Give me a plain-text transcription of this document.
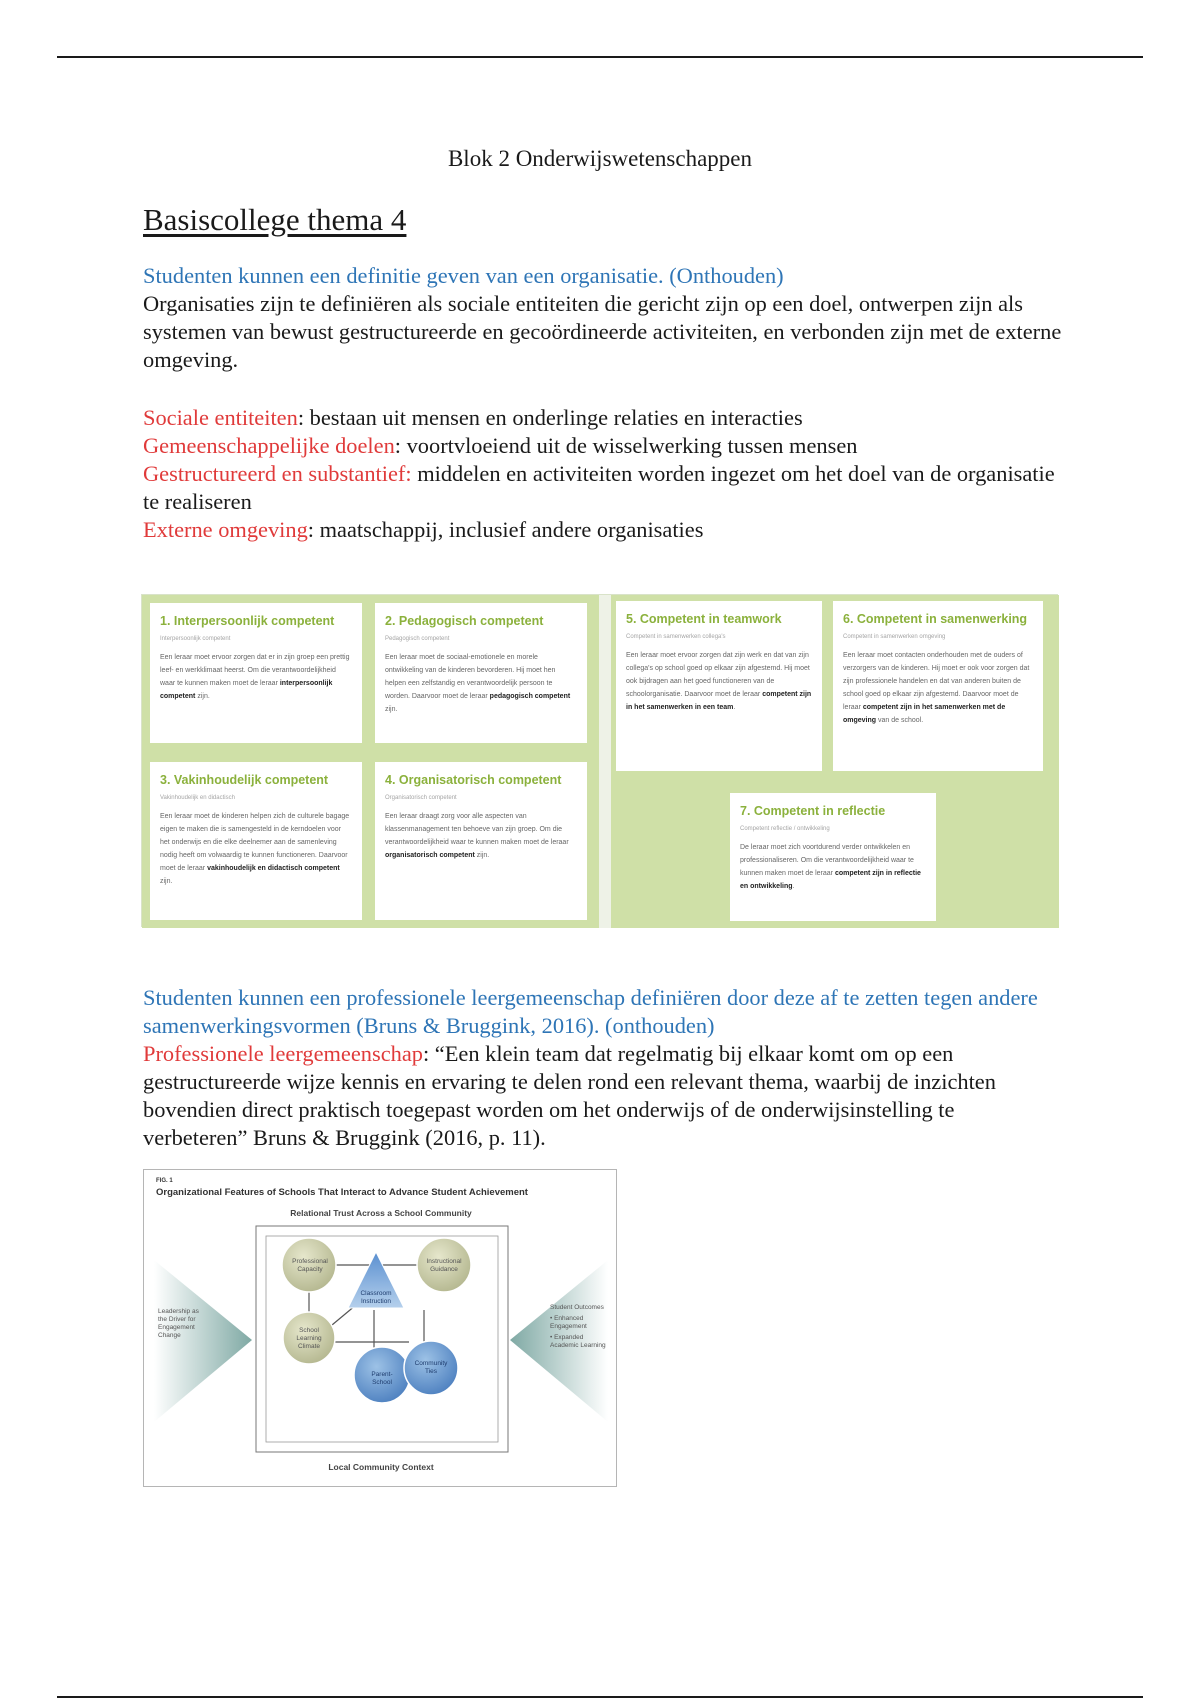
Blok 2 Onderwijswetenschappen
Basiscollege thema 4
Studenten kunnen een definitie geven van een organisatie. (Onthouden)
Organisaties zijn te definiëren als sociale entiteiten die gericht zijn op een doel, ontwerpen zijn als systemen van bewust gestructureerde en gecoördineerde activiteiten, en verbonden zijn met de externe omgeving.
Sociale entiteiten: bestaan uit mensen en onderlinge relaties en interacties
Gemeenschappelijke doelen: voortvloeiend uit de wisselwerking tussen mensen
Gestructureerd en substantief: middelen en activiteiten worden ingezet om het doel van de organisatie te realiseren
Externe omgeving: maatschappij, inclusief andere organisaties
1. Interpersoonlijk competent
Interpersoonlijk competent
Een leraar moet ervoor zorgen dat er in zijn groep een prettig leef- en werkklimaat heerst. Om die verantwoordelijkheid waar te kunnen maken moet de leraar interpersoonlijk competent zijn.
2. Pedagogisch competent
Pedagogisch competent
Een leraar moet de sociaal-emotionele en morele ontwikkeling van de kinderen bevorderen. Hij moet hen helpen een zelfstandig en verantwoordelijk persoon te worden. Daarvoor moet de leraar pedagogisch competent zijn.
3. Vakinhoudelijk competent
Vakinhoudelijk en didactisch
Een leraar moet de kinderen helpen zich de culturele bagage eigen te maken die is samengesteld in de kerndoelen voor het onderwijs en die elke deelnemer aan de samenleving nodig heeft om volwaardig te kunnen functioneren. Daarvoor moet de leraar vakinhoudelijk en didactisch competent zijn.
4. Organisatorisch competent
Organisatorisch competent
Een leraar draagt zorg voor alle aspecten van klassenmanagement ten behoeve van zijn groep. Om die verantwoordelijkheid waar te kunnen maken moet de leraar organisatorisch competent zijn.
5. Competent in teamwork
Competent in samenwerken collega's
Een leraar moet ervoor zorgen dat zijn werk en dat van zijn collega's op school goed op elkaar zijn afgestemd. Hij moet ook bijdragen aan het goed functioneren van de schoolorganisatie. Daarvoor moet de leraar competent zijn in het samenwerken in een team.
6. Competent in samenwerking
Competent in samenwerken omgeving
Een leraar moet contacten onderhouden met de ouders of verzorgers van de kinderen. Hij moet er ook voor zorgen dat zijn professionele handelen en dat van anderen buiten de school goed op elkaar zijn afgestemd. Daarvoor moet de leraar competent zijn in het samenwerken met de omgeving van de school.
7. Competent in reflectie
Competent reflectie / ontwikkeling
De leraar moet zich voortdurend verder ontwikkelen en professionaliseren. Om die verantwoordelijkheid waar te kunnen maken moet de leraar competent zijn in reflectie en ontwikkeling.
Studenten kunnen een professionele leergemeenschap definiëren door deze af te zetten tegen andere samenwerkingsvormen (Bruns & Bruggink, 2016). (onthouden)
Professionele leergemeenschap: “Een klein team dat regelmatig bij elkaar komt om op een gestructureerde wijze kennis en ervaring te delen rond een relevant thema, waarbij de inzichten bovendien direct praktisch toegepast worden om het onderwijs of de onderwijsinstelling te verbeteren” Bruns & Bruggink (2016, p. 11).
FIG. 1
Organizational Features of Schools That Interact to Advance Student Achievement
Relational Trust Across a School Community
Leadership as the Driver for Engagement Change
Professional Capacity
Instructional Guidance
Classroom Instruction
School Learning Climate
Parent-School
Community Ties
Student Outcomes
• Enhanced Engagement
• Expanded Academic Learning
Local Community Context
